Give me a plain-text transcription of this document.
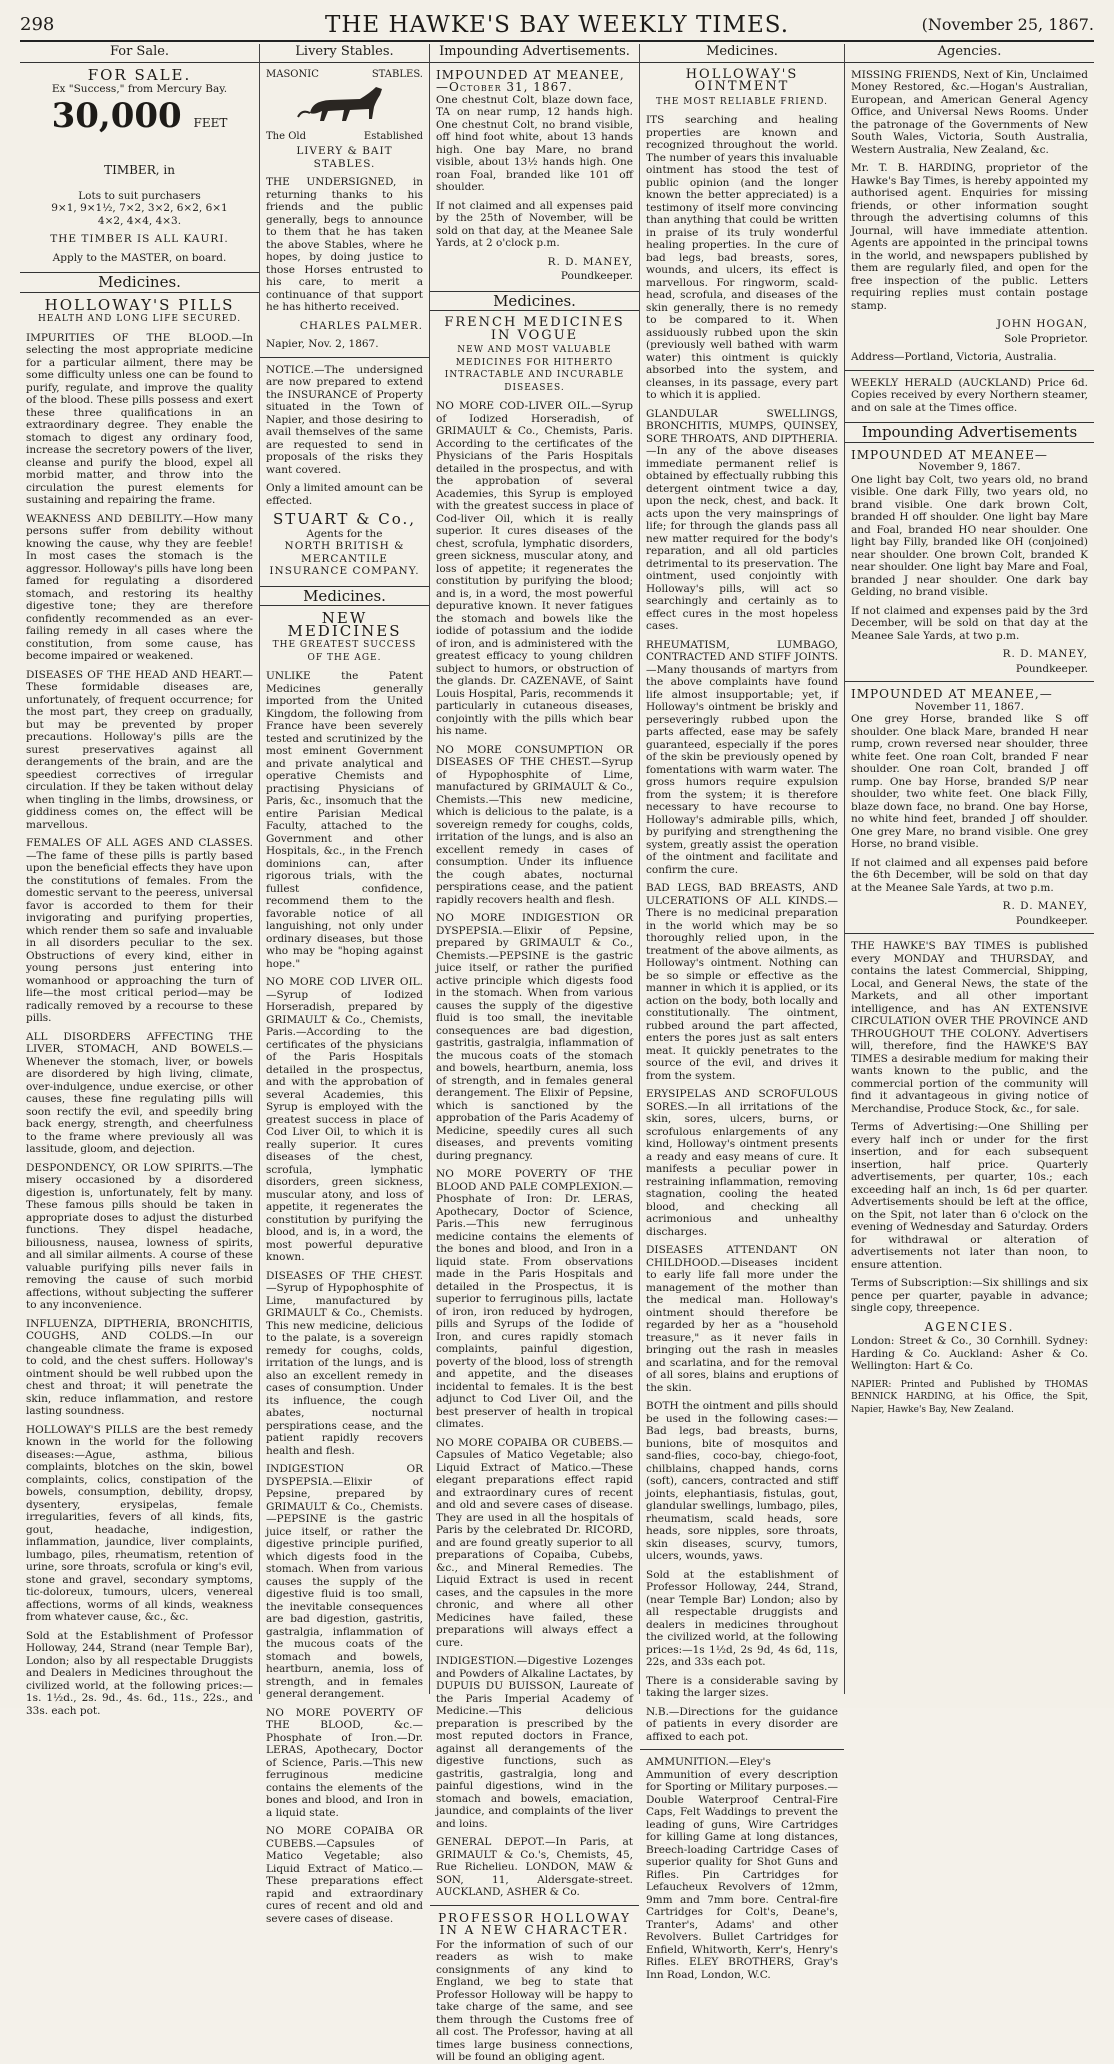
298	THE HAWKE'S BAY WEEKLY TIMES.	(November 25, 1867.
For Sale.
FOR SALE.
Ex "Success," from Mercury Bay.
30,000 FEET TIMBER, in
Lots to suit purchasers
9×1, 9×1½, 7×2, 3×2, 6×2, 6×1
4×2, 4×4, 4×3.
THE TIMBER IS ALL KAURI.
Apply to the MASTER, on board.
Medicines.
HOLLOWAY'S PILLS
HEALTH AND LONG LIFE SECURED.

IMPURITIES OF THE BLOOD.—In selecting the most appropriate medicine for a particular ailment, there may be some difficulty unless one can be found to purify, regulate, and improve the quality of the blood. These pills possess and exert these three qualifications in an extraordinary degree. They enable the stomach to digest any ordinary food, increase the secretory powers of the liver, cleanse and purify the blood, expel all morbid matter, and throw into the circulation the purest elements for sustaining and repairing the frame.

WEAKNESS AND DEBILITY.—How many persons suffer from debility without knowing the cause, why they are feeble! In most cases the stomach is the aggressor. Holloway's pills have long been famed for regulating a disordered stomach, and restoring its healthy digestive tone; they are therefore confidently recommended as an ever-failing remedy in all cases where the constitution, from some cause, has become impaired or weakened.

DISEASES OF THE HEAD AND HEART.—These formidable diseases are, unfortunately, of frequent occurrence; for the most part, they creep on gradually, but may be prevented by proper precautions. Holloway's pills are the surest preservatives against all derangements of the brain, and are the speediest correctives of irregular circulation. If they be taken without delay when tingling in the limbs, drowsiness, or giddiness comes on, the effect will be marvellous.

FEMALES OF ALL AGES AND CLASSES.—The fame of these pills is partly based upon the beneficial effects they have upon the constitutions of females. From the domestic servant to the peeress, universal favor is accorded to them for their invigorating and purifying properties, which render them so safe and invaluable in all disorders peculiar to the sex. Obstructions of every kind, either in young persons just entering into womanhood or approaching the turn of life—the most critical period—may be radically removed by a recourse to these pills.

ALL DISORDERS AFFECTING THE LIVER, STOMACH, AND BOWELS.—Whenever the stomach, liver, or bowels are disordered by high living, climate, over-indulgence, undue exercise, or other causes, these fine regulating pills will soon rectify the evil, and speedily bring back energy, strength, and cheerfulness to the frame where previously all was lassitude, gloom, and dejection.

DESPONDENCY, OR LOW SPIRITS.—The misery occasioned by a disordered digestion is, unfortunately, felt by many. These famous pills should be taken in appropriate doses to adjust the disturbed functions. They dispel headache, biliousness, nausea, lowness of spirits, and all similar ailments. A course of these valuable purifying pills never fails in removing the cause of such morbid affections, without subjecting the sufferer to any inconvenience.

INFLUENZA, DIPTHERIA, BRONCHITIS, COUGHS, AND COLDS.—In our changeable climate the frame is exposed to cold, and the chest suffers. Holloway's ointment should be well rubbed upon the chest and throat; it will penetrate the skin, reduce inflammation, and restore lasting soundness.

HOLLOWAY'S PILLS are the best remedy known in the world for the following diseases:—Ague, asthma, bilious complaints, blotches on the skin, bowel complaints, colics, constipation of the bowels, consumption, debility, dropsy, dysentery, erysipelas, female irregularities, fevers of all kinds, fits, gout, headache, indigestion, inflammation, jaundice, liver complaints, lumbago, piles, rheumatism, retention of urine, sore throats, scrofula or king's evil, stone and gravel, secondary symptoms, tic-doloreux, tumours, ulcers, venereal affections, worms of all kinds, weakness from whatever cause, &c., &c.

Sold at the Establishment of Professor Holloway, 244, Strand (near Temple Bar), London; also by all respectable Druggists and Dealers in Medicines throughout the civilized world, at the following prices:—1s. 1½d., 2s. 9d., 4s. 6d., 11s., 22s., and 33s. each pot.

Livery Stables.
MASONIC	STABLES.
The Old	Established
LIVERY & BAIT STABLES.

THE UNDERSIGNED, in returning thanks to his friends and the public generally, begs to announce to them that he has taken the above Stables, where he hopes, by doing justice to those Horses entrusted to his care, to merit a continuance of that support he has hitherto received.

CHARLES PALMER.
Napier, Nov. 2, 1867.

NOTICE.—The undersigned are now prepared to extend the INSURANCE of Property situated in the Town of Napier, and those desiring to avail themselves of the same are requested to send in proposals of the risks they want covered.

Only a limited amount can be effected.

STUART & Co.,
Agents for the
NORTH BRITISH & MERCANTILE INSURANCE COMPANY.
Medicines.
NEW MEDICINES
THE GREATEST SUCCESS OF THE AGE.

UNLIKE the Patent Medicines generally imported from the United Kingdom, the following from France have been severely tested and scrutinized by the most eminent Government and private analytical and operative Chemists and practising Physicians of Paris, &c., insomuch that the entire Parisian Medical Faculty, attached to the Government and other Hospitals, &c., in the French dominions can, after rigorous trials, with the fullest confidence, recommend them to the favorable notice of all languishing, not only under ordinary diseases, but those who may be "hoping against hope."

NO MORE COD LIVER OIL.—Syrup of Iodized Horseradish, prepared by GRIMAULT & Co., Chemists, Paris.—According to the certificates of the physicians of the Paris Hospitals detailed in the prospectus, and with the approbation of several Academies, this Syrup is employed with the greatest success in place of Cod Liver Oil, to which it is really superior. It cures diseases of the chest, scrofula, lymphatic disorders, green sickness, muscular atony, and loss of appetite, it regenerates the constitution by purifying the blood, and is, in a word, the most powerful depurative known.

DISEASES OF THE CHEST.—Syrup of Hypophosphite of Lime, manufactured by GRIMAULT & Co., Chemists. This new medicine, delicious to the palate, is a sovereign remedy for coughs, colds, irritation of the lungs, and is also an excellent remedy in cases of consumption. Under its influence, the cough abates, nocturnal perspirations cease, and the patient rapidly recovers health and flesh.

INDIGESTION OR DYSPEPSIA.—Elixir of Pepsine, prepared by GRIMAULT & Co., Chemists.—PEPSINE is the gastric juice itself, or rather the digestive principle purified, which digests food in the stomach. When from various causes the supply of the digestive fluid is too small, the inevitable consequences are bad digestion, gastritis, gastralgia, inflammation of the mucous coats of the stomach and bowels, heartburn, anemia, loss of strength, and in females general derangement.

NO MORE POVERTY OF THE BLOOD, &c.—Phosphate of Iron.—Dr. LERAS, Apothecary, Doctor of Science, Paris.—This new ferruginous medicine contains the elements of the bones and blood, and Iron in a liquid state.

NO MORE COPAIBA OR CUBEBS.—Capsules of Matico Vegetable; also Liquid Extract of Matico.—These preparations effect rapid and extraordinary cures of recent and old and severe cases of disease.

Impounding Advertisements.
IMPOUNDED AT MEANEE,—October 31, 1867.

One chestnut Colt, blaze down face, TA on near rump, 12 hands high. One chestnut Colt, no brand visible, off hind foot white, about 13 hands high. One bay Mare, no brand visible, about 13½ hands high. One roan Foal, branded like 101 off shoulder.

If not claimed and all expenses paid by the 25th of November, will be sold on that day, at the Meanee Sale Yards, at 2 o'clock p.m.

R. D. MANEY,
Poundkeeper.
Medicines.
FRENCH MEDICINES IN VOGUE
NEW AND MOST VALUABLE MEDICINES FOR HITHERTO INTRACTABLE AND INCURABLE DISEASES.

NO MORE COD-LIVER OIL.—Syrup of Iodized Horseradish, of GRIMAULT & Co., Chemists, Paris. According to the certificates of the Physicians of the Paris Hospitals detailed in the prospectus, and with the approbation of several Academies, this Syrup is employed with the greatest success in place of Cod-liver Oil, which it is really superior. It cures diseases of the chest, scrofula, lymphatic disorders, green sickness, muscular atony, and loss of appetite; it regenerates the constitution by purifying the blood; and is, in a word, the most powerful depurative known. It never fatigues the stomach and bowels like the iodide of potassium and the iodide of iron, and is administered with the greatest efficacy to young children subject to humors, or obstruction of the glands. Dr. CAZENAVE, of Saint Louis Hospital, Paris, recommends it particularly in cutaneous diseases, conjointly with the pills which bear his name.

NO MORE CONSUMPTION OR DISEASES OF THE CHEST.—Syrup of Hypophosphite of Lime, manufactured by GRIMAULT & Co., Chemists.—This new medicine, which is delicious to the palate, is a sovereign remedy for coughs, colds, irritation of the lungs, and is also an excellent remedy in cases of consumption. Under its influence the cough abates, nocturnal perspirations cease, and the patient rapidly recovers health and flesh.

NO MORE INDIGESTION OR DYSPEPSIA.—Elixir of Pepsine, prepared by GRIMAULT & Co., Chemists.—PEPSINE is the gastric juice itself, or rather the purified active principle which digests food in the stomach. When from various causes the supply of the digestive fluid is too small, the inevitable consequences are bad digestion, gastritis, gastralgia, inflammation of the mucous coats of the stomach and bowels, heartburn, anemia, loss of strength, and in females general derangement. The Elixir of Pepsine, which is sanctioned by the approbation of the Paris Academy of Medicine, speedily cures all such diseases, and prevents vomiting during pregnancy.

NO MORE POVERTY OF THE BLOOD AND PALE COMPLEXION.—Phosphate of Iron: Dr. LERAS, Apothecary, Doctor of Science, Paris.—This new ferruginous medicine contains the elements of the bones and blood, and Iron in a liquid state. From observations made in the Paris Hospitals and detailed in the Prospectus, it is superior to ferruginous pills, lactate of iron, iron reduced by hydrogen, pills and Syrups of the Iodide of Iron, and cures rapidly stomach complaints, painful digestion, poverty of the blood, loss of strength and appetite, and the diseases incidental to females. It is the best adjunct to Cod Liver Oil, and the best preserver of health in tropical climates.

NO MORE COPAIBA OR CUBEBS.—Capsules of Matico Vegetable; also Liquid Extract of Matico.—These elegant preparations effect rapid and extraordinary cures of recent and old and severe cases of disease. They are used in all the hospitals of Paris by the celebrated Dr. RICORD, and are found greatly superior to all preparations of Copaiba, Cubebs, &c., and Mineral Remedies. The Liquid Extract is used in recent cases, and the capsules in the more chronic, and where all other Medicines have failed, these preparations will always effect a cure.

INDIGESTION.—Digestive Lozenges and Powders of Alkaline Lactates, by DUPUIS DU BUISSON, Laureate of the Paris Imperial Academy of Medicine.—This delicious preparation is prescribed by the most reputed doctors in France, against all derangements of the digestive functions, such as gastritis, gastralgia, long and painful digestions, wind in the stomach and bowels, emaciation, jaundice, and complaints of the liver and loins.

GENERAL DEPOT.—In Paris, at GRIMAULT & Co.'s, Chemists, 45, Rue Richelieu. LONDON, MAW & SON, 11, Aldersgate-street. AUCKLAND, ASHER & Co.

PROFESSOR HOLLOWAY IN A NEW CHARACTER.

For the information of such of our readers as wish to make consignments of any kind to England, we beg to state that Professor Holloway will be happy to take charge of the same, and see them through the Customs free of all cost. The Professor, having at all times large business connections, will be found an obliging agent.

Medicines.
HOLLOWAY'S OINTMENT
THE MOST RELIABLE FRIEND.

ITS searching and healing properties are known and recognized throughout the world. The number of years this invaluable ointment has stood the test of public opinion (and the longer known the better appreciated) is a testimony of itself more convincing than anything that could be written in praise of its truly wonderful healing properties. In the cure of bad legs, bad breasts, sores, wounds, and ulcers, its effect is marvellous. For ringworm, scald-head, scrofula, and diseases of the skin generally, there is no remedy to be compared to it. When assiduously rubbed upon the skin (previously well bathed with warm water) this ointment is quickly absorbed into the system, and cleanses, in its passage, every part to which it is applied.

GLANDULAR SWELLINGS, BRONCHITIS, MUMPS, QUINSEY, SORE THROATS, AND DIPTHERIA.—In any of the above diseases immediate permanent relief is obtained by effectually rubbing this detergent ointment twice a day, upon the neck, chest, and back. It acts upon the very mainsprings of life; for through the glands pass all new matter required for the body's reparation, and all old particles detrimental to its preservation. The ointment, used conjointly with Holloway's pills, will act so searchingly and certainly as to effect cures in the most hopeless cases.

RHEUMATISM, LUMBAGO, CONTRACTED AND STIFF JOINTS.—Many thousands of martyrs from the above complaints have found life almost insupportable; yet, if Holloway's ointment be briskly and perseveringly rubbed upon the parts affected, ease may be safely guaranteed, especially if the pores of the skin be previously opened by fomentations with warm water. The gross humors require expulsion from the system; it is therefore necessary to have recourse to Holloway's admirable pills, which, by purifying and strengthening the system, greatly assist the operation of the ointment and facilitate and confirm the cure.

BAD LEGS, BAD BREASTS, AND ULCERATIONS OF ALL KINDS.—There is no medicinal preparation in the world which may be so thoroughly relied upon, in the treatment of the above ailments, as Holloway's ointment. Nothing can be so simple or effective as the manner in which it is applied, or its action on the body, both locally and constitutionally. The ointment, rubbed around the part affected, enters the pores just as salt enters meat. It quickly penetrates to the source of the evil, and drives it from the system.

ERYSIPELAS AND SCROFULOUS SORES.—In all irritations of the skin, sores, ulcers, burns, or scrofulous enlargements of any kind, Holloway's ointment presents a ready and easy means of cure. It manifests a peculiar power in restraining inflammation, removing stagnation, cooling the heated blood, and checking all acrimonious and unhealthy discharges.

DISEASES ATTENDANT ON CHILDHOOD.—Diseases incident to early life fall more under the management of the mother than the medical man. Holloway's ointment should therefore be regarded by her as a "household treasure," as it never fails in bringing out the rash in measles and scarlatina, and for the removal of all sores, blains and eruptions of the skin.

BOTH the ointment and pills should be used in the following cases:—Bad legs, bad breasts, burns, bunions, bite of mosquitos and sand-flies, coco-bay, chiego-foot, chilblains, chapped hands, corns (soft), cancers, contracted and stiff joints, elephantiasis, fistulas, gout, glandular swellings, lumbago, piles, rheumatism, scald heads, sore heads, sore nipples, sore throats, skin diseases, scurvy, tumors, ulcers, wounds, yaws.

Sold at the establishment of Professor Holloway, 244, Strand, (near Temple Bar) London; also by all respectable druggists and dealers in medicines throughout the civilized world, at the following prices:—1s 1½d, 2s 9d, 4s 6d, 11s, 22s, and 33s each pot.

There is a considerable saving by taking the larger sizes.

N.B.—Directions for the guidance of patients in every disorder are affixed to each pot.

AMMUNITION.—Eley's Ammunition of every description for Sporting or Military purposes.—Double Waterproof Central-Fire Caps, Felt Waddings to prevent the leading of guns, Wire Cartridges for killing Game at long distances, Breech-loading Cartridge Cases of superior quality for Shot Guns and Rifles. Pin Cartridges for Lefaucheux Revolvers of 12mm, 9mm and 7mm bore. Central-fire Cartridges for Colt's, Deane's, Tranter's, Adams' and other Revolvers. Bullet Cartridges for Enfield, Whitworth, Kerr's, Henry's Rifles. ELEY BROTHERS, Gray's Inn Road, London, W.C.

Agencies.

MISSING FRIENDS, Next of Kin, Unclaimed Money Restored, &c.—Hogan's Australian, European, and American General Agency Office, and Universal News Rooms. Under the patronage of the Governments of New South Wales, Victoria, South Australia, Western Australia, New Zealand, &c.

Mr. T. B. HARDING, proprietor of the Hawke's Bay Times, is hereby appointed my authorised agent. Enquiries for missing friends, or other information sought through the advertising columns of this Journal, will have immediate attention. Agents are appointed in the principal towns in the world, and newspapers published by them are regularly filed, and open for the free inspection of the public. Letters requiring replies must contain postage stamp.

JOHN HOGAN,
Sole Proprietor.
Address—Portland, Victoria, Australia.

WEEKLY HERALD (AUCKLAND) Price 6d. Copies received by every Northern steamer, and on sale at the Times office.

Impounding Advertisements
IMPOUNDED AT MEANEE—
November 9, 1867.

One light bay Colt, two years old, no brand visible. One dark Filly, two years old, no brand visible. One dark brown Colt, branded H off shoulder. One light bay Mare and Foal, branded HO near shoulder. One light bay Filly, branded like OH (conjoined) near shoulder. One brown Colt, branded K near shoulder. One light bay Mare and Foal, branded J near shoulder. One dark bay Gelding, no brand visible.

If not claimed and expenses paid by the 3rd December, will be sold on that day at the Meanee Sale Yards, at two p.m.

R. D. MANEY,
Poundkeeper.
IMPOUNDED AT MEANEE,—
November 11, 1867.

One grey Horse, branded like S off shoulder. One black Mare, branded H near rump, crown reversed near shoulder, three white feet. One roan Colt, branded F near shoulder. One roan Colt, branded J off rump. One bay Horse, branded S/P near shoulder, two white feet. One black Filly, blaze down face, no brand. One bay Horse, no white hind feet, branded J off shoulder. One grey Mare, no brand visible. One grey Horse, no brand visible.

If not claimed and all expenses paid before the 6th December, will be sold on that day at the Meanee Sale Yards, at two p.m.

R. D. MANEY,
Poundkeeper.

THE HAWKE'S BAY TIMES is published every MONDAY and THURSDAY, and contains the latest Commercial, Shipping, Local, and General News, the state of the Markets, and all other important intelligence, and has AN EXTENSIVE CIRCULATION OVER THE PROVINCE AND THROUGHOUT THE COLONY. Advertisers will, therefore, find the HAWKE'S BAY TIMES a desirable medium for making their wants known to the public, and the commercial portion of the community will find it advantageous in giving notice of Merchandise, Produce Stock, &c., for sale.

Terms of Advertising:—One Shilling per every half inch or under for the first insertion, and for each subsequent insertion, half price. Quarterly advertisements, per quarter, 10s.; each exceeding half an inch, 1s 6d per quarter. Advertisements should be left at the office, on the Spit, not later than 6 o'clock on the evening of Wednesday and Saturday. Orders for withdrawal or alteration of advertisements not later than noon, to ensure attention.

Terms of Subscription:—Six shillings and six pence per quarter, payable in advance; single copy, threepence.

AGENCIES.

London: Street & Co., 30 Cornhill. Sydney: Harding & Co. Auckland: Asher & Co. Wellington: Hart & Co.

NAPIER: Printed and Published by THOMAS BENNICK HARDING, at his Office, the Spit, Napier, Hawke's Bay, New Zealand.
